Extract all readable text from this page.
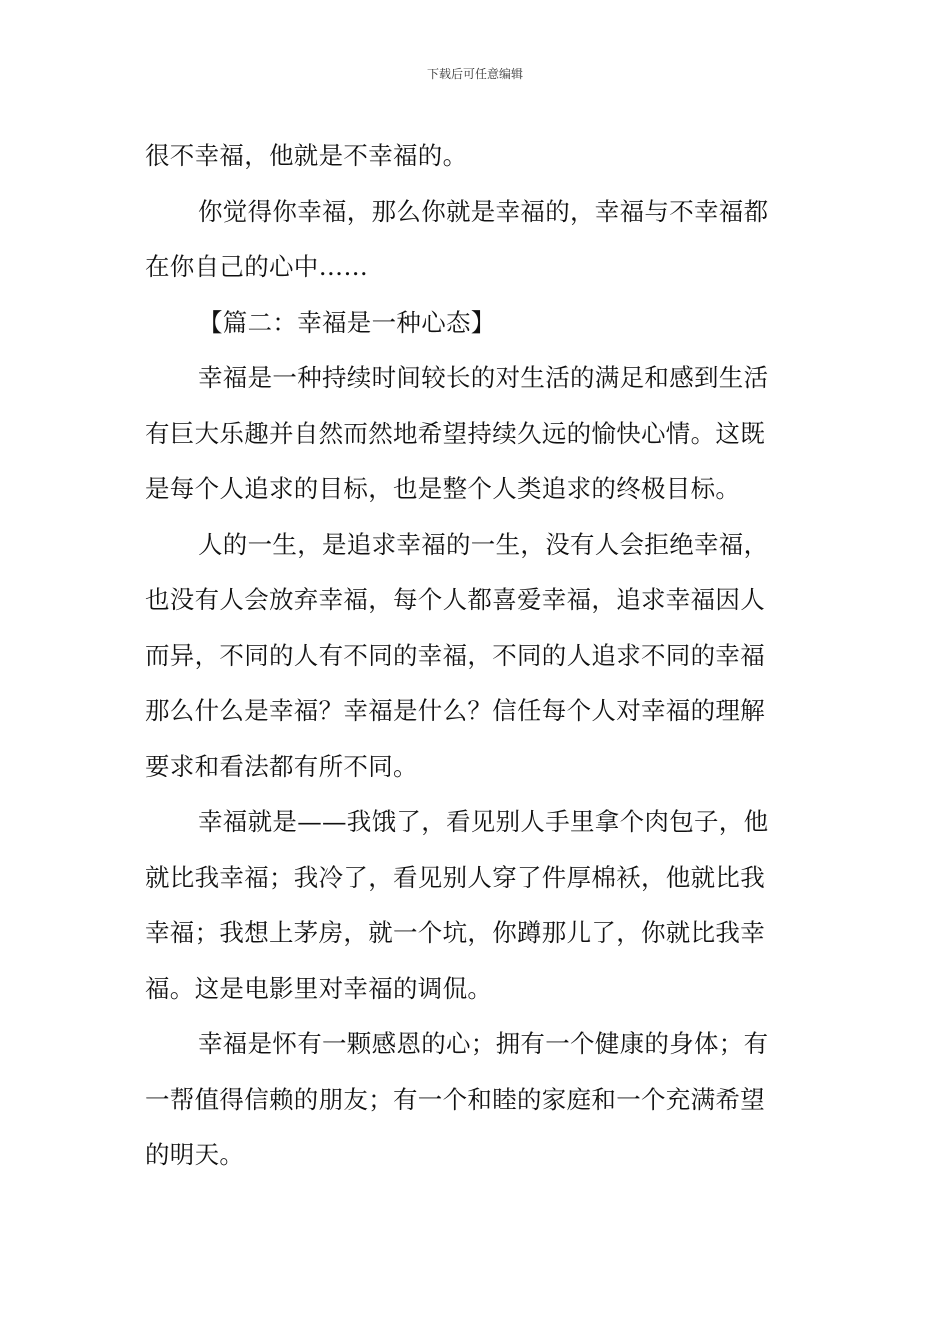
下载后可任意编辑
很不幸福，他就是不幸福的。
你觉得你幸福，那么你就是幸福的，幸福与不幸福都
在你自己的心中……
【篇二：幸福是一种心态】
幸福是一种持续时间较长的对生活的满足和感到生活
有巨大乐趣并自然而然地希望持续久远的愉快心情。这既
是每个人追求的目标，也是整个人类追求的终极目标。
人的一生，是追求幸福的一生，没有人会拒绝幸福，
也没有人会放弃幸福，每个人都喜爱幸福，追求幸福因人
而异，不同的人有不同的幸福，不同的人追求不同的幸福
那么什么是幸福？幸福是什么？信任每个人对幸福的理解
要求和看法都有所不同。
幸福就是——我饿了，看见别人手里拿个肉包子，他
就比我幸福；我冷了，看见别人穿了件厚棉袄，他就比我
幸福；我想上茅房，就一个坑，你蹲那儿了，你就比我幸
福。这是电影里对幸福的调侃。
幸福是怀有一颗感恩的心；拥有一个健康的身体；有
一帮值得信赖的朋友；有一个和睦的家庭和一个充满希望
的明天。
